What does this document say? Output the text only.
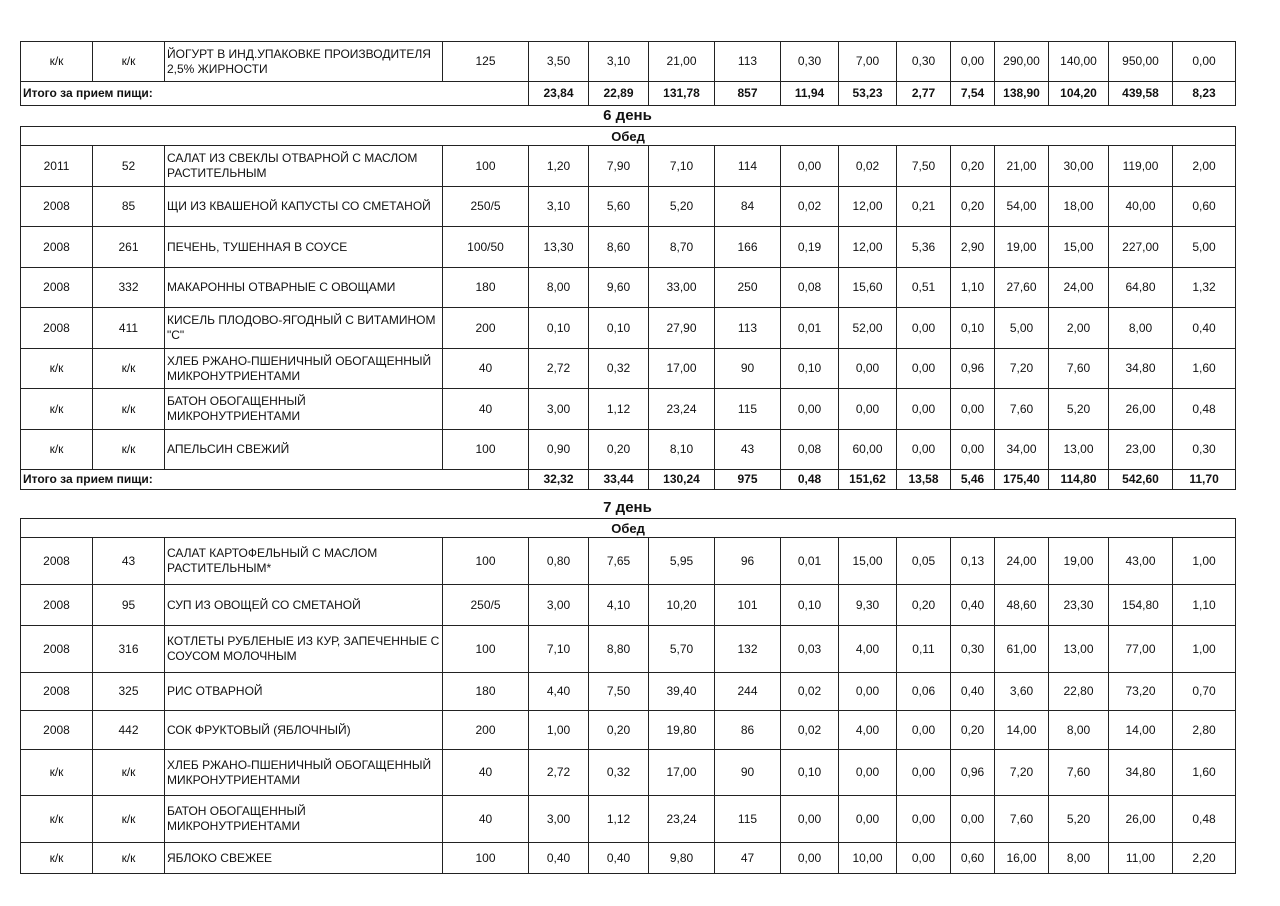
к/к	к/к	ЙОГУРТ В ИНД.УПАКОВКЕ ПРОИЗВОДИТЕЛЯ 2,5% ЖИРНОСТИ	125	3,50	3,10	21,00	113	0,30	7,00	0,30	0,00	290,00	140,00	950,00	0,00
Итого за прием пищи:				23,84	22,89	131,78	857	11,94	53,23	2,77	7,54	138,90	104,20	439,58	8,23
6 день
Обед															
2011	52	САЛАТ ИЗ СВЕКЛЫ ОТВАРНОЙ С МАСЛОМ РАСТИТЕЛЬНЫМ	100	1,20	7,90	7,10	114	0,00	0,02	7,50	0,20	21,00	30,00	119,00	2,00
2008	85	ЩИ ИЗ КВАШЕНОЙ КАПУСТЫ СО СМЕТАНОЙ	250/5	3,10	5,60	5,20	84	0,02	12,00	0,21	0,20	54,00	18,00	40,00	0,60
2008	261	ПЕЧЕНЬ, ТУШЕННАЯ В СОУСЕ	100/50	13,30	8,60	8,70	166	0,19	12,00	5,36	2,90	19,00	15,00	227,00	5,00
2008	332	МАКАРОННЫ ОТВАРНЫЕ С ОВОЩАМИ	180	8,00	9,60	33,00	250	0,08	15,60	0,51	1,10	27,60	24,00	64,80	1,32
2008	411	КИСЕЛЬ ПЛОДОВО-ЯГОДНЫЙ С ВИТАМИНОМ "С"	200	0,10	0,10	27,90	113	0,01	52,00	0,00	0,10	5,00	2,00	8,00	0,40
к/к	к/к	ХЛЕБ РЖАНО-ПШЕНИЧНЫЙ ОБОГАЩЕННЫЙ МИКРОНУТРИЕНТАМИ	40	2,72	0,32	17,00	90	0,10	0,00	0,00	0,96	7,20	7,60	34,80	1,60
к/к	к/к	БАТОН ОБОГАЩЕННЫЙ МИКРОНУТРИЕНТАМИ	40	3,00	1,12	23,24	115	0,00	0,00	0,00	0,00	7,60	5,20	26,00	0,48
к/к	к/к	АПЕЛЬСИН СВЕЖИЙ	100	0,90	0,20	8,10	43	0,08	60,00	0,00	0,00	34,00	13,00	23,00	0,30
Итого за прием пищи:				32,32	33,44	130,24	975	0,48	151,62	13,58	5,46	175,40	114,80	542,60	11,70
7 день
Обед															
2008	43	САЛАТ КАРТОФЕЛЬНЫЙ С МАСЛОМ РАСТИТЕЛЬНЫМ*	100	0,80	7,65	5,95	96	0,01	15,00	0,05	0,13	24,00	19,00	43,00	1,00
2008	95	СУП ИЗ ОВОЩЕЙ СО СМЕТАНОЙ	250/5	3,00	4,10	10,20	101	0,10	9,30	0,20	0,40	48,60	23,30	154,80	1,10
2008	316	КОТЛЕТЫ РУБЛЕНЫЕ ИЗ КУР, ЗАПЕЧЕННЫЕ С СОУСОМ МОЛОЧНЫМ	100	7,10	8,80	5,70	132	0,03	4,00	0,11	0,30	61,00	13,00	77,00	1,00
2008	325	РИС ОТВАРНОЙ	180	4,40	7,50	39,40	244	0,02	0,00	0,06	0,40	3,60	22,80	73,20	0,70
2008	442	СОК ФРУКТОВЫЙ (ЯБЛОЧНЫЙ)	200	1,00	0,20	19,80	86	0,02	4,00	0,00	0,20	14,00	8,00	14,00	2,80
к/к	к/к	ХЛЕБ РЖАНО-ПШЕНИЧНЫЙ ОБОГАЩЕННЫЙ МИКРОНУТРИЕНТАМИ	40	2,72	0,32	17,00	90	0,10	0,00	0,00	0,96	7,20	7,60	34,80	1,60
к/к	к/к	БАТОН ОБОГАЩЕННЫЙ МИКРОНУТРИЕНТАМИ	40	3,00	1,12	23,24	115	0,00	0,00	0,00	0,00	7,60	5,20	26,00	0,48
к/к	к/к	ЯБЛОКО СВЕЖЕЕ	100	0,40	0,40	9,80	47	0,00	10,00	0,00	0,60	16,00	8,00	11,00	2,20
